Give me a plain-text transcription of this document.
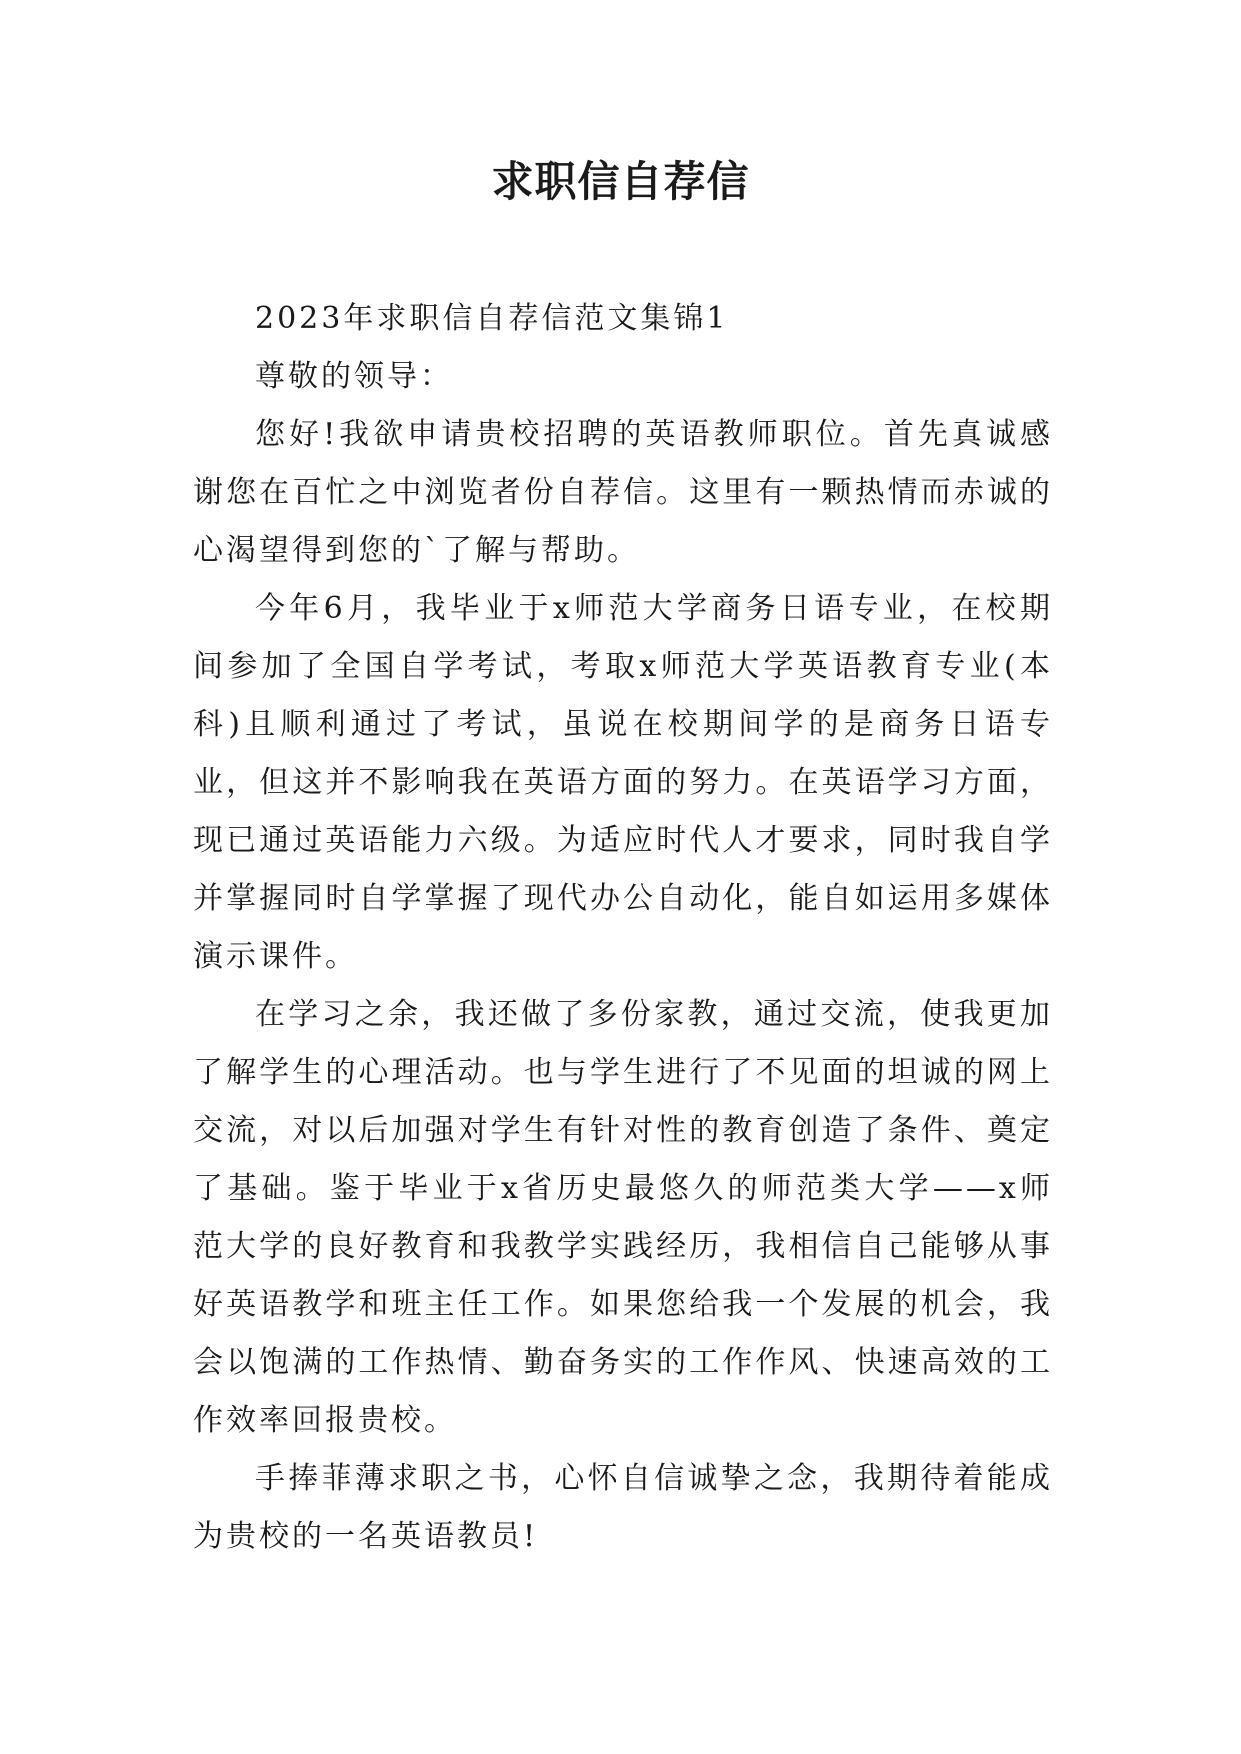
求职信自荐信

2023年求职信自荐信范文集锦1

尊敬的领导：

您好!我欲申请贵校招聘的英语教师职位。首先真诚感谢您在百忙之中浏览者份自荐信。这里有一颗热情而赤诚的心渴望得到您的`了解与帮助。

今年6月，我毕业于x师范大学商务日语专业，在校期间参加了全国自学考试，考取x师范大学英语教育专业(本科)且顺利通过了考试，虽说在校期间学的是商务日语专业，但这并不影响我在英语方面的努力。在英语学习方面，现已通过英语能力六级。为适应时代人才要求，同时我自学并掌握同时自学掌握了现代办公自动化，能自如运用多媒体演示课件。

在学习之余，我还做了多份家教，通过交流，使我更加了解学生的心理活动。也与学生进行了不见面的坦诚的网上交流，对以后加强对学生有针对性的教育创造了条件、奠定了基础。鉴于毕业于x省历史最悠久的师范类大学——x师范大学的良好教育和我教学实践经历，我相信自己能够从事好英语教学和班主任工作。如果您给我一个发展的机会，我会以饱满的工作热情、勤奋务实的工作作风、快速高效的工作效率回报贵校。

手捧菲薄求职之书，心怀自信诚挚之念，我期待着能成为贵校的一名英语教员!
